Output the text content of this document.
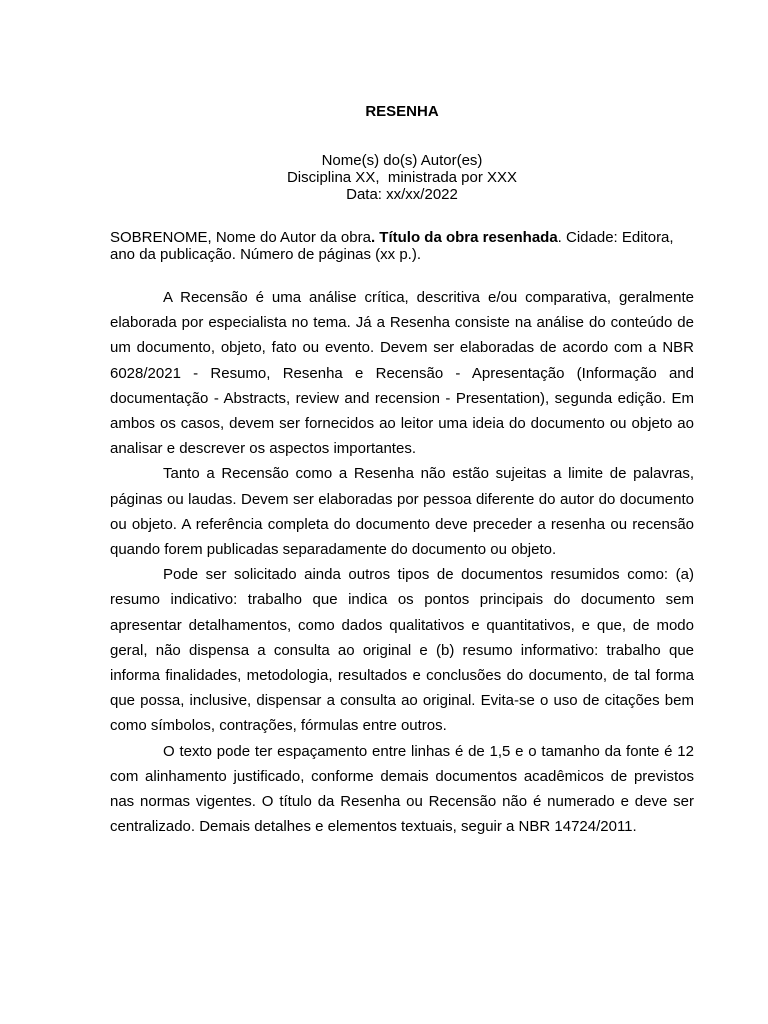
RESENHA
Nome(s) do(s) Autor(es)
Disciplina XX,  ministrada por XXX
Data: xx/xx/2022
SOBRENOME, Nome do Autor da obra. Título da obra resenhada. Cidade: Editora, ano da publicação. Número de páginas (xx p.).

A Recensão é uma análise crítica, descritiva e/ou comparativa, geralmente elaborada por especialista no tema. Já a Resenha consiste na análise do conteúdo de um documento, objeto, fato ou evento. Devem ser elaboradas de acordo com a NBR 6028/2021 - Resumo, Resenha e Recensão - Apresentação (Informação and documentação - Abstracts, review and recension - Presentation), segunda edição. Em ambos os casos, devem ser fornecidos ao leitor uma ideia do documento ou objeto ao analisar e descrever os aspectos importantes.

Tanto a Recensão como a Resenha não estão sujeitas a limite de palavras, páginas ou laudas. Devem ser elaboradas por pessoa diferente do autor do documento ou objeto. A referência completa do documento deve preceder a resenha ou recensão quando forem publicadas separadamente do documento ou objeto.

Pode ser solicitado ainda outros tipos de documentos resumidos como: (a) resumo indicativo: trabalho que indica os pontos principais do documento sem apresentar detalhamentos, como dados qualitativos e quantitativos, e que, de modo geral, não dispensa a consulta ao original e (b) resumo informativo: trabalho que informa finalidades, metodologia, resultados e conclusões do documento, de tal forma que possa, inclusive, dispensar a consulta ao original. Evita-se o uso de citações bem como símbolos, contrações, fórmulas entre outros.

O texto pode ter espaçamento entre linhas é de 1,5 e o tamanho da fonte é 12 com alinhamento justificado, conforme demais documentos acadêmicos de previstos nas normas vigentes. O título da Resenha ou Recensão não é numerado e deve ser centralizado. Demais detalhes e elementos textuais, seguir a NBR 14724/2011.
